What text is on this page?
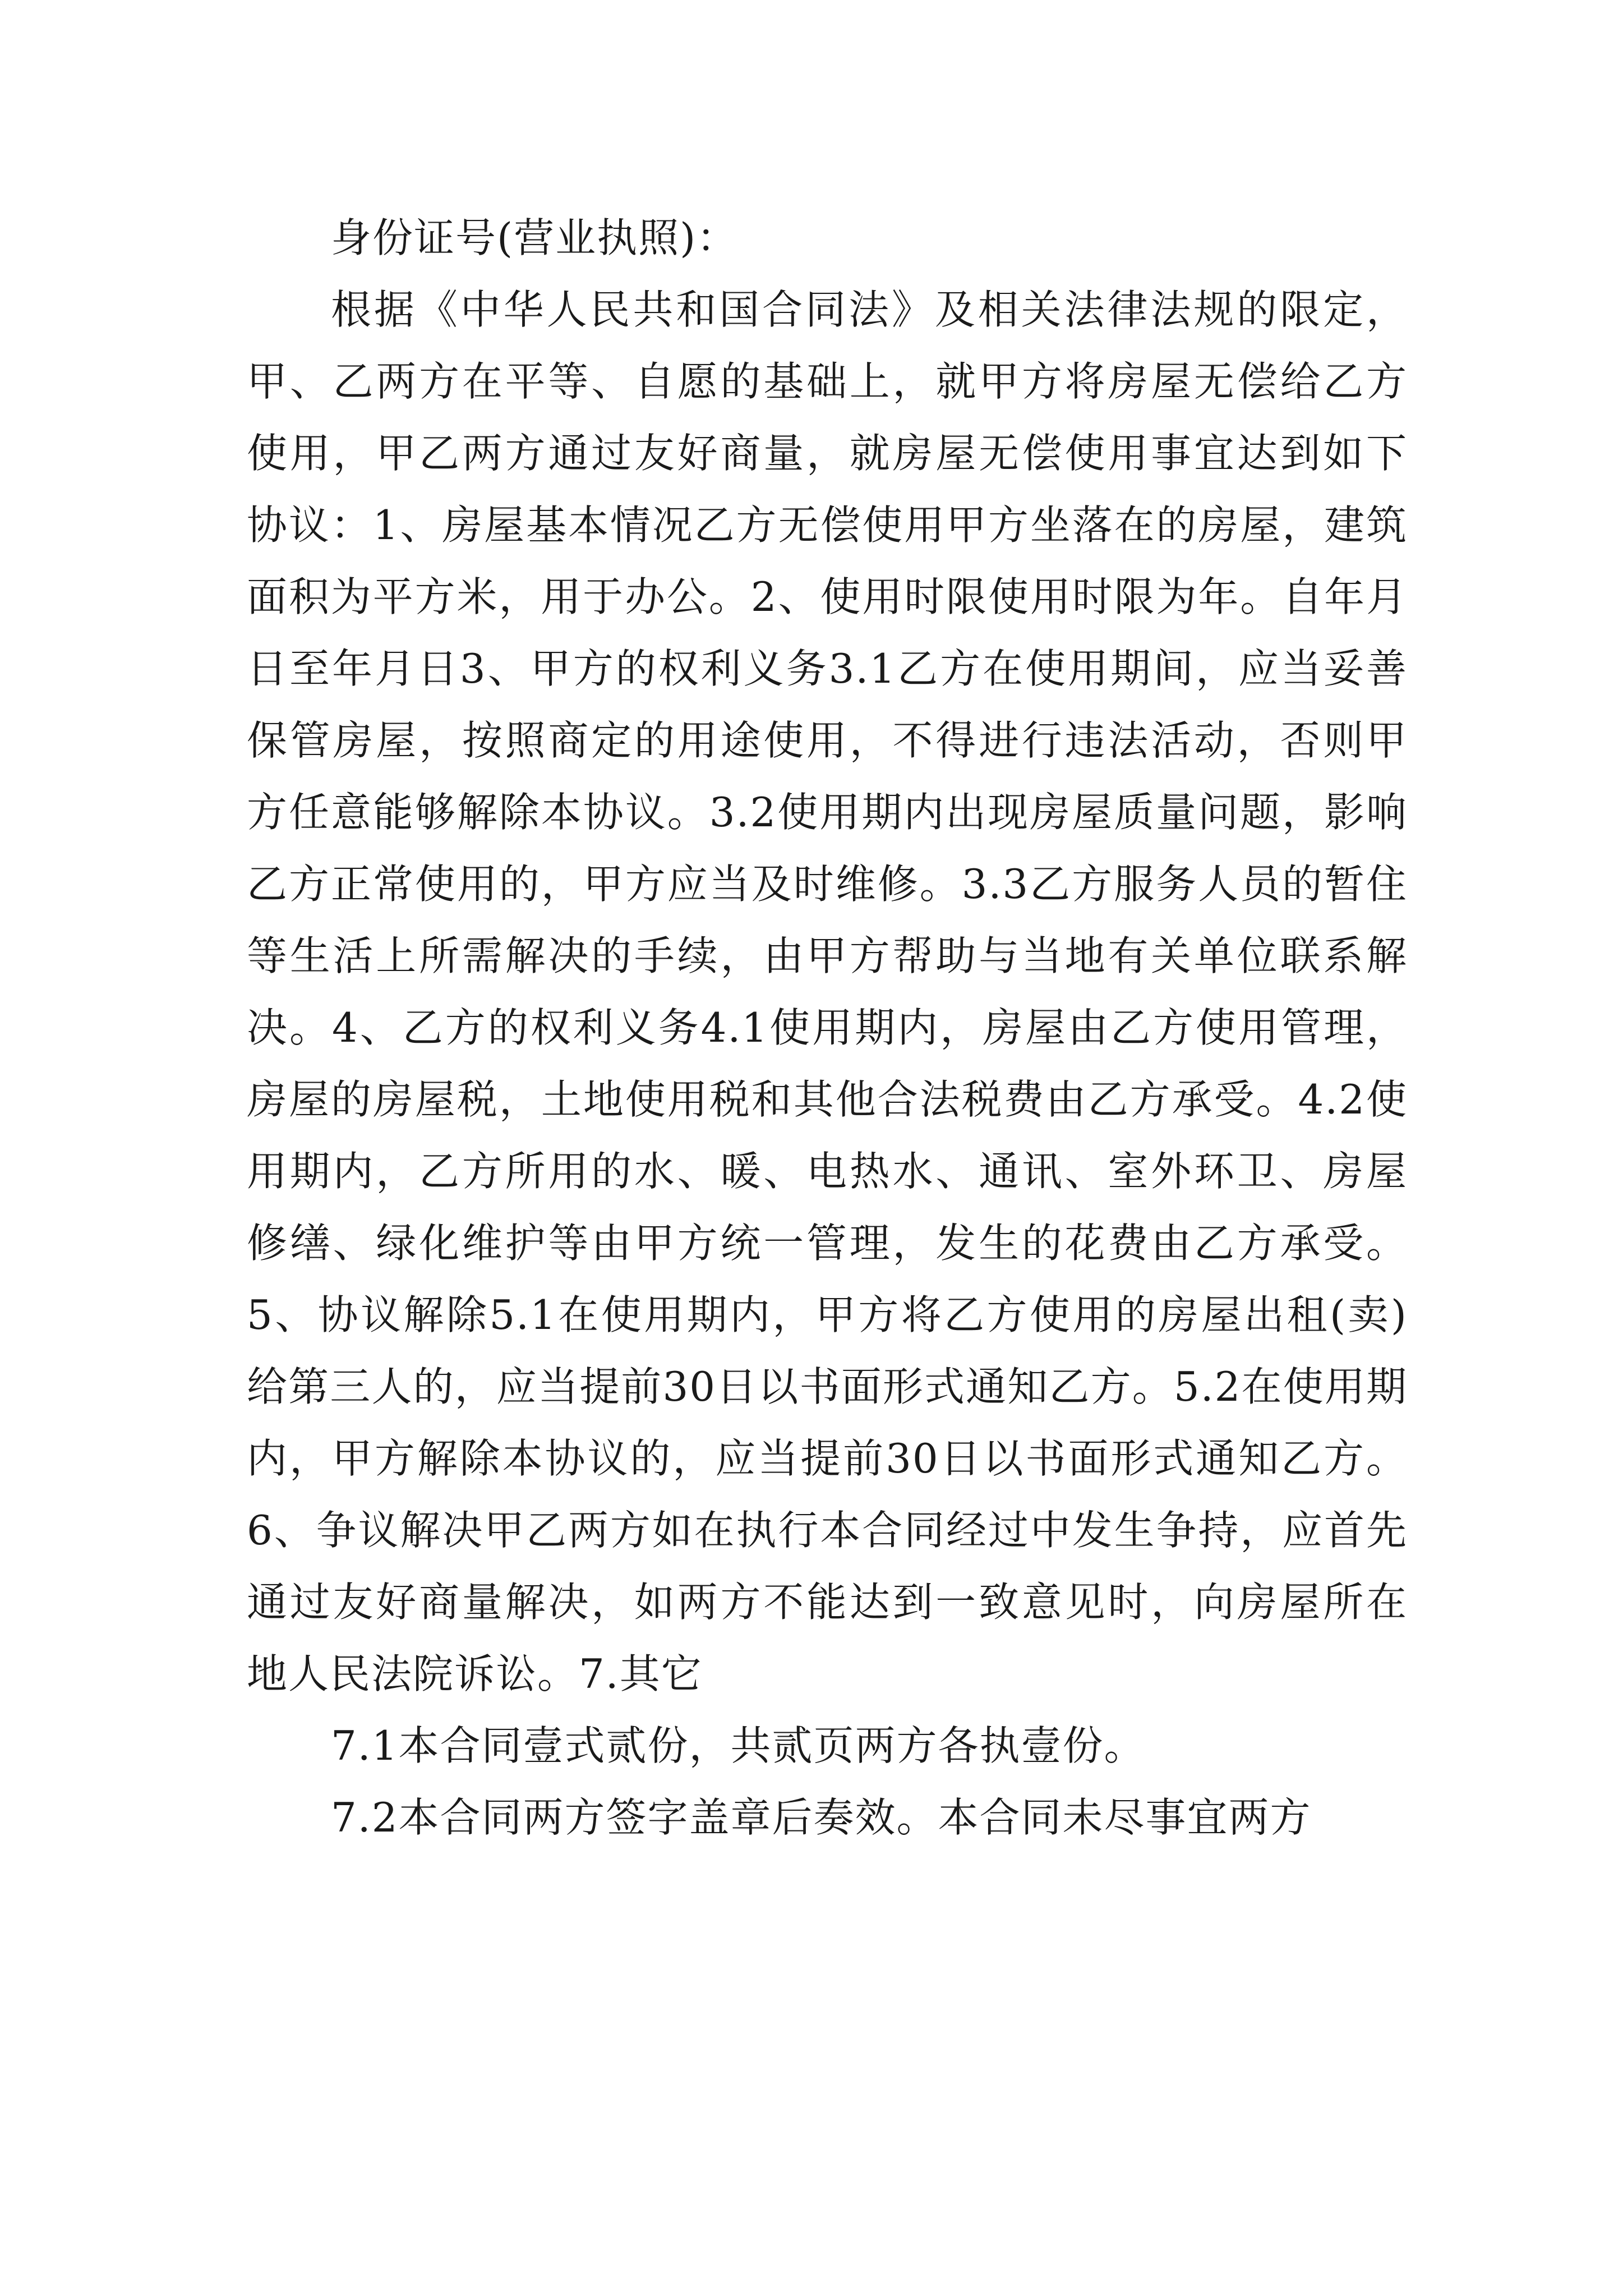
身份证号(营业执照)：

根据《中华人民共和国合同法》及相关法律法规的限定，甲、乙两方在平等、自愿的基础上，就甲方将房屋无偿给乙方使用，甲乙两方通过友好商量，就房屋无偿使用事宜达到如下协议：1、房屋基本情况乙方无偿使用甲方坐落在的房屋，建筑面积为平方米，用于办公。2、使用时限使用时限为年。自年月日至年月日3、甲方的权利义务3.1乙方在使用期间，应当妥善保管房屋，按照商定的用途使用，不得进行违法活动，否则甲方任意能够解除本协议。3.2使用期内出现房屋质量问题，影响乙方正常使用的，甲方应当及时维修。3.3乙方服务人员的暂住等生活上所需解决的手续，由甲方帮助与当地有关单位联系解决。4、乙方的权利义务4.1使用期内，房屋由乙方使用管理，房屋的房屋税，土地使用税和其他合法税费由乙方承受。4.2使用期内，乙方所用的水、暖、电热水、通讯、室外环卫、房屋修缮、绿化维护等由甲方统一管理，发生的花费由乙方承受。5、协议解除5.1在使用期内，甲方将乙方使用的房屋出租(卖)给第三人的，应当提前30日以书面形式通知乙方。5.2在使用期内，甲方解除本协议的，应当提前30日以书面形式通知乙方。6、争议解决甲乙两方如在执行本合同经过中发生争持，应首先通过友好商量解决，如两方不能达到一致意见时，向房屋所在地人民法院诉讼。7.其它

7.1本合同壹式贰份，共贰页两方各执壹份。

7.2本合同两方签字盖章后奏效。本合同未尽事宜两方
